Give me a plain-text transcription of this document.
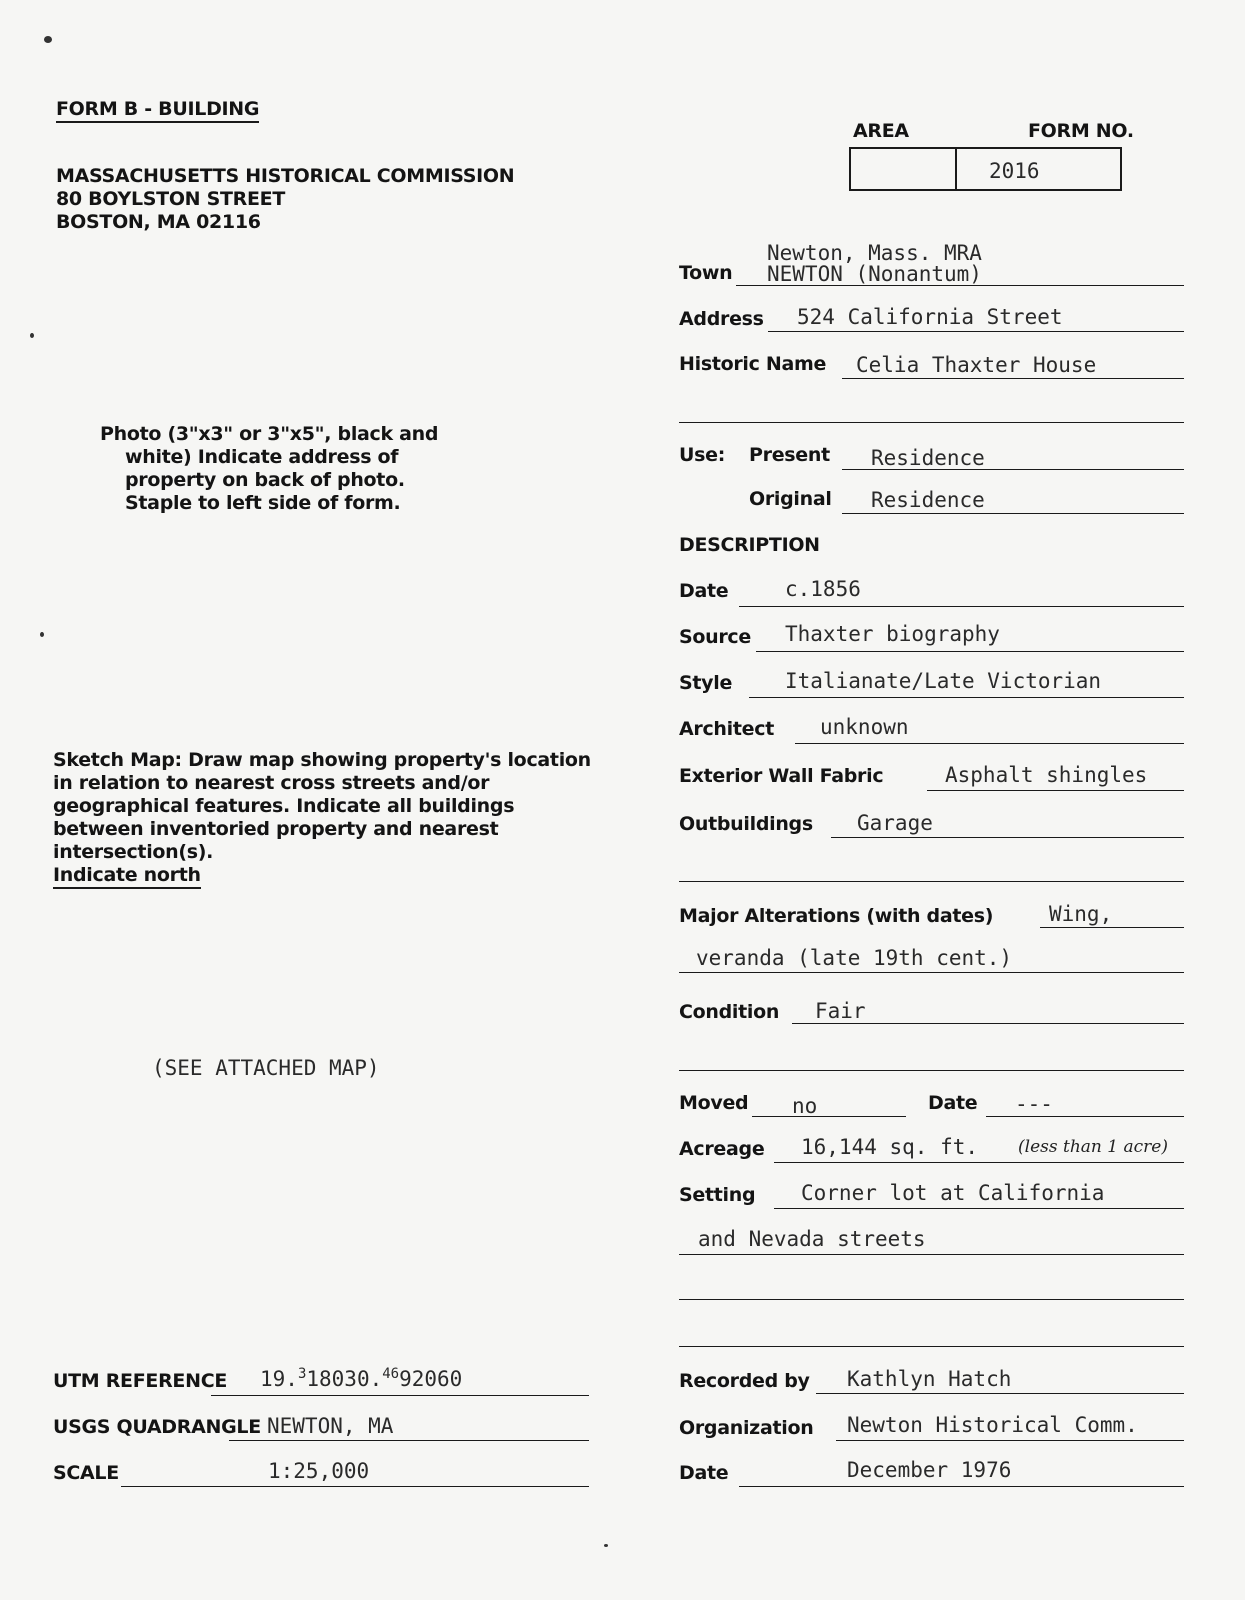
FORM B - BUILDING
MASSACHUSETTS HISTORICAL COMMISSION
80 BOYLSTON STREET
BOSTON, MA 02116
AREA	FORM NO.
2016
Photo (3"x3" or 3"x5", black and
white) Indicate address of
property on back of photo.
Staple to left side of form.
Sketch Map: Draw map showing property's location
in relation to nearest cross streets and/or
geographical features. Indicate all buildings
between inventoried property and nearest
intersection(s).
Indicate north
(SEE ATTACHED MAP)
Newton, Mass. MRA
Town NEWTON (Nonantum)
Address 524 California Street
Historic Name Celia Thaxter House
Use: Present Residence
Original Residence
DESCRIPTION
Date	c.1856
Source Thaxter biography
Style	Italianate/Late Victorian
Architect unknown
Exterior Wall Fabric	Asphalt shingles
Outbuildings Garage
Major Alterations (with dates)	Wing,
veranda (late 19th cent.)
Condition Fair
Moved no	Date ---
Acreage 16,144 sq. ft. (less than 1 acre)
Setting Corner lot at California
and Nevada streets
Recorded by Kathlyn Hatch
Organization Newton Historical Comm.
Date	December 1976
UTM REFERENCE 19.$^3$18030.4692060
USGS QUADRANGLE NEWTON, MA
SCALE	1:25,000
